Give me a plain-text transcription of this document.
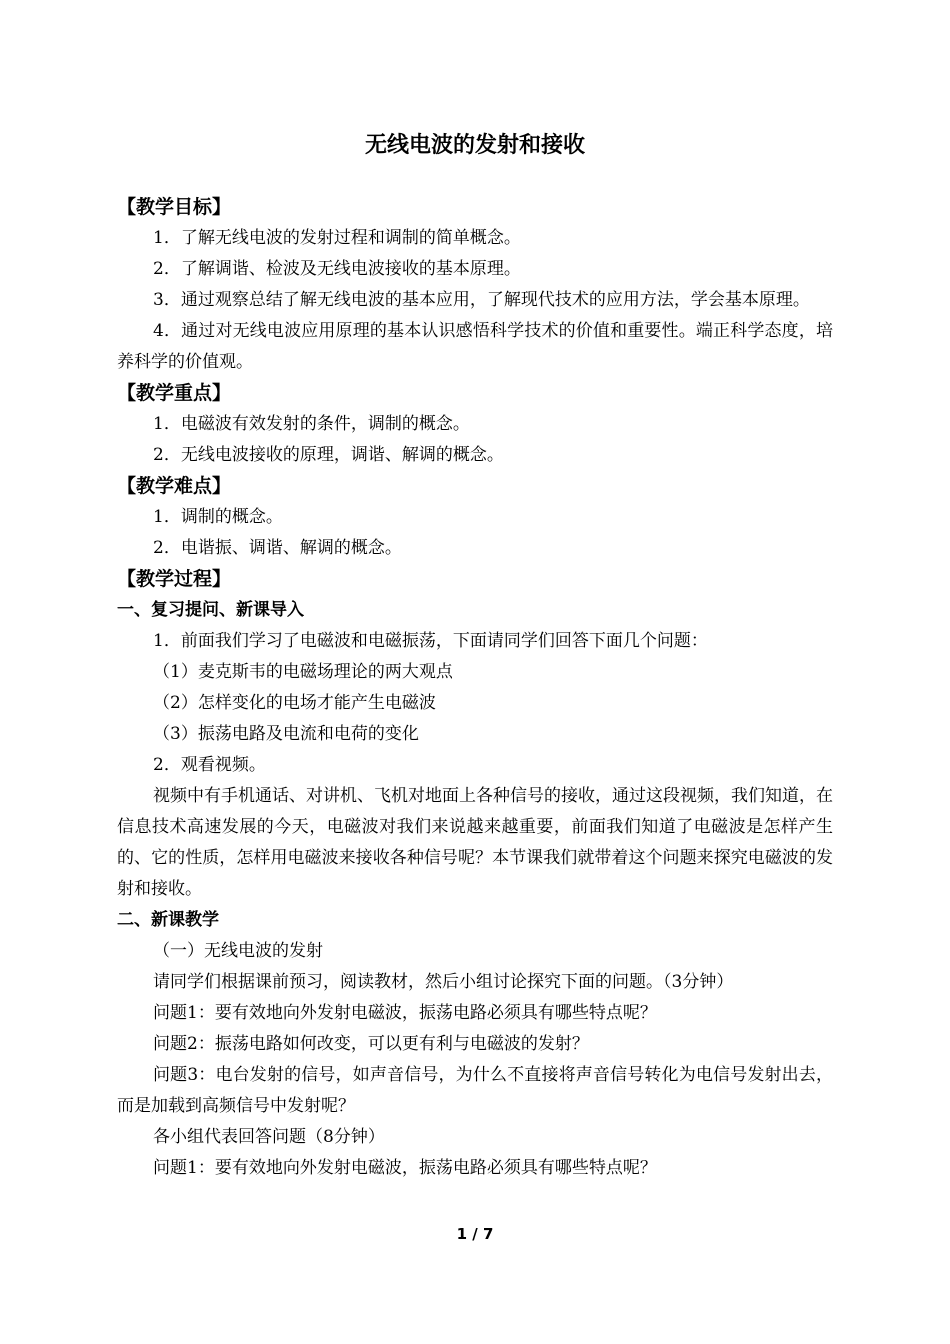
无线电波的发射和接收
【教学目标】
1．了解无线电波的发射过程和调制的简单概念。
2．了解调谐、检波及无线电波接收的基本原理。
3．通过观察总结了解无线电波的基本应用，了解现代技术的应用方法，学会基本原理。
4．通过对无线电波应用原理的基本认识感悟科学技术的价值和重要性。端正科学态度，培养科学的价值观。
【教学重点】
1．电磁波有效发射的条件，调制的概念。
2．无线电波接收的原理，调谐、解调的概念。
【教学难点】
1．调制的概念。
2．电谐振、调谐、解调的概念。
【教学过程】
一、复习提问、新课导入
1．前面我们学习了电磁波和电磁振荡，下面请同学们回答下面几个问题：
（1）麦克斯韦的电磁场理论的两大观点
（2）怎样变化的电场才能产生电磁波
（3）振荡电路及电流和电荷的变化
2．观看视频。
视频中有手机通话、对讲机、飞机对地面上各种信号的接收，通过这段视频，我们知道，在信息技术高速发展的今天，电磁波对我们来说越来越重要，前面我们知道了电磁波是怎样产生的、它的性质，怎样用电磁波来接收各种信号呢？本节课我们就带着这个问题来探究电磁波的发射和接收。
二、新课教学
（一）无线电波的发射
请同学们根据课前预习，阅读教材，然后小组讨论探究下面的问题。（3分钟）
问题1：要有效地向外发射电磁波，振荡电路必须具有哪些特点呢？
问题2：振荡电路如何改变，可以更有利与电磁波的发射？
问题3：电台发射的信号，如声音信号，为什么不直接将声音信号转化为电信号发射出去，而是加载到高频信号中发射呢？
各小组代表回答问题（8分钟）
问题1：要有效地向外发射电磁波，振荡电路必须具有哪些特点呢？
1 / 7
